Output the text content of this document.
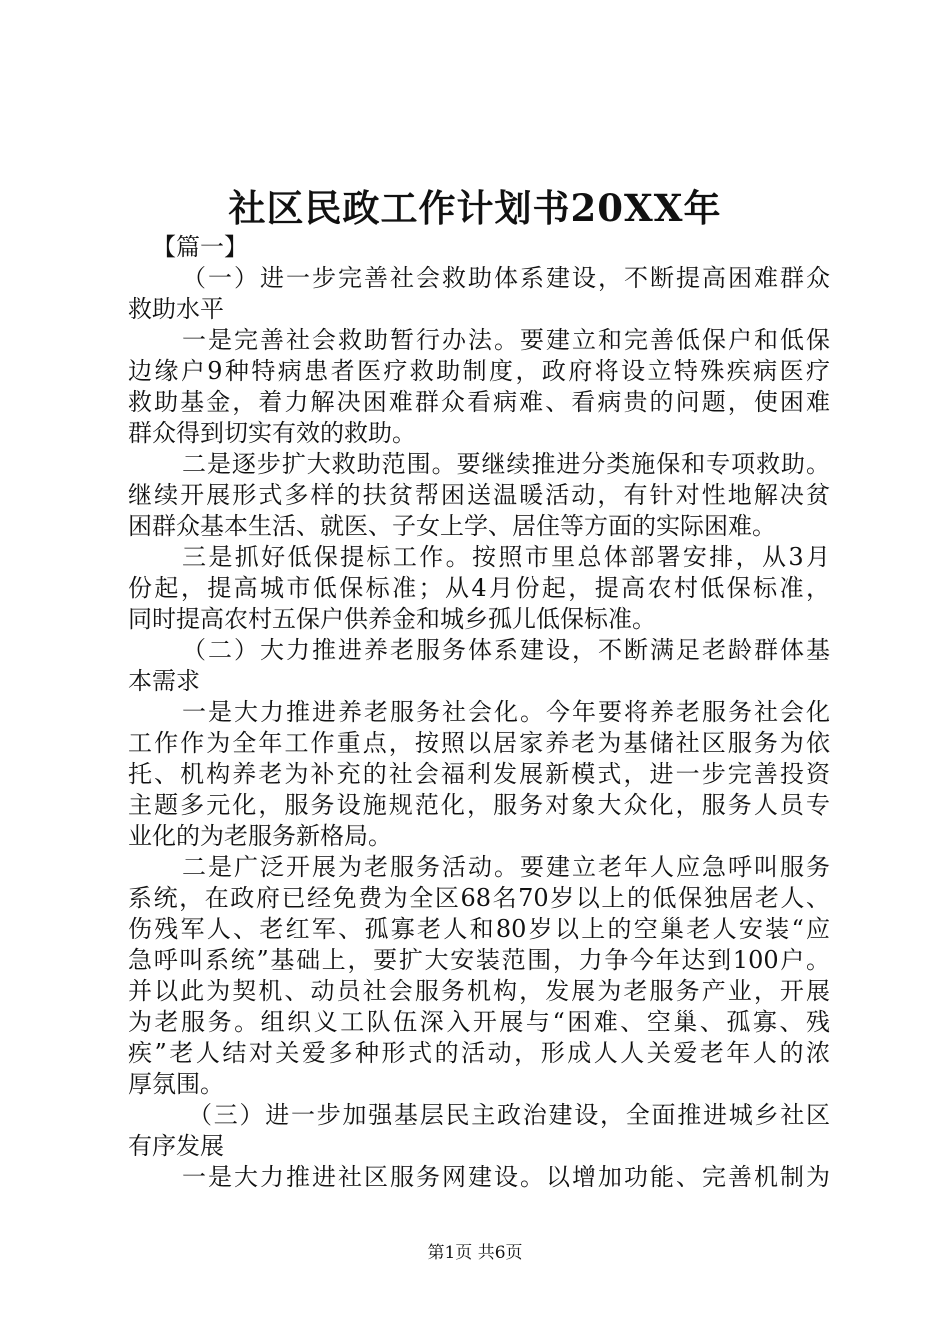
社区民政工作计划书20XX年
【篇一】
（一）进一步完善社会救助体系建设，不断提高困难群众
救助水平
一是完善社会救助暂行办法。要建立和完善低保户和低保
边缘户9种特病患者医疗救助制度，政府将设立特殊疾病医疗
救助基金，着力解决困难群众看病难、看病贵的问题，使困难
群众得到切实有效的救助。
二是逐步扩大救助范围。要继续推进分类施保和专项救助。
继续开展形式多样的扶贫帮困送温暖活动，有针对性地解决贫
困群众基本生活、就医、子女上学、居住等方面的实际困难。
三是抓好低保提标工作。按照市里总体部署安排，从3月
份起，提高城市低保标准；从4月份起，提高农村低保标准，
同时提高农村五保户供养金和城乡孤儿低保标准。
（二）大力推进养老服务体系建设，不断满足老龄群体基
本需求
一是大力推进养老服务社会化。今年要将养老服务社会化
工作作为全年工作重点，按照以居家养老为基储社区服务为依
托、机构养老为补充的社会福利发展新模式，进一步完善投资
主题多元化，服务设施规范化，服务对象大众化，服务人员专
业化的为老服务新格局。
二是广泛开展为老服务活动。要建立老年人应急呼叫服务
系统，在政府已经免费为全区68名70岁以上的低保独居老人、
伤残军人、老红军、孤寡老人和80岁以上的空巢老人安装“应
急呼叫系统”基础上，要扩大安装范围，力争今年达到100户。
并以此为契机、动员社会服务机构，发展为老服务产业，开展
为老服务。组织义工队伍深入开展与“困难、空巢、孤寡、残
疾”老人结对关爱多种形式的活动，形成人人关爱老年人的浓
厚氛围。
（三）进一步加强基层民主政治建设，全面推进城乡社区
有序发展
一是大力推进社区服务网建设。以增加功能、完善机制为
第1页 共6页
